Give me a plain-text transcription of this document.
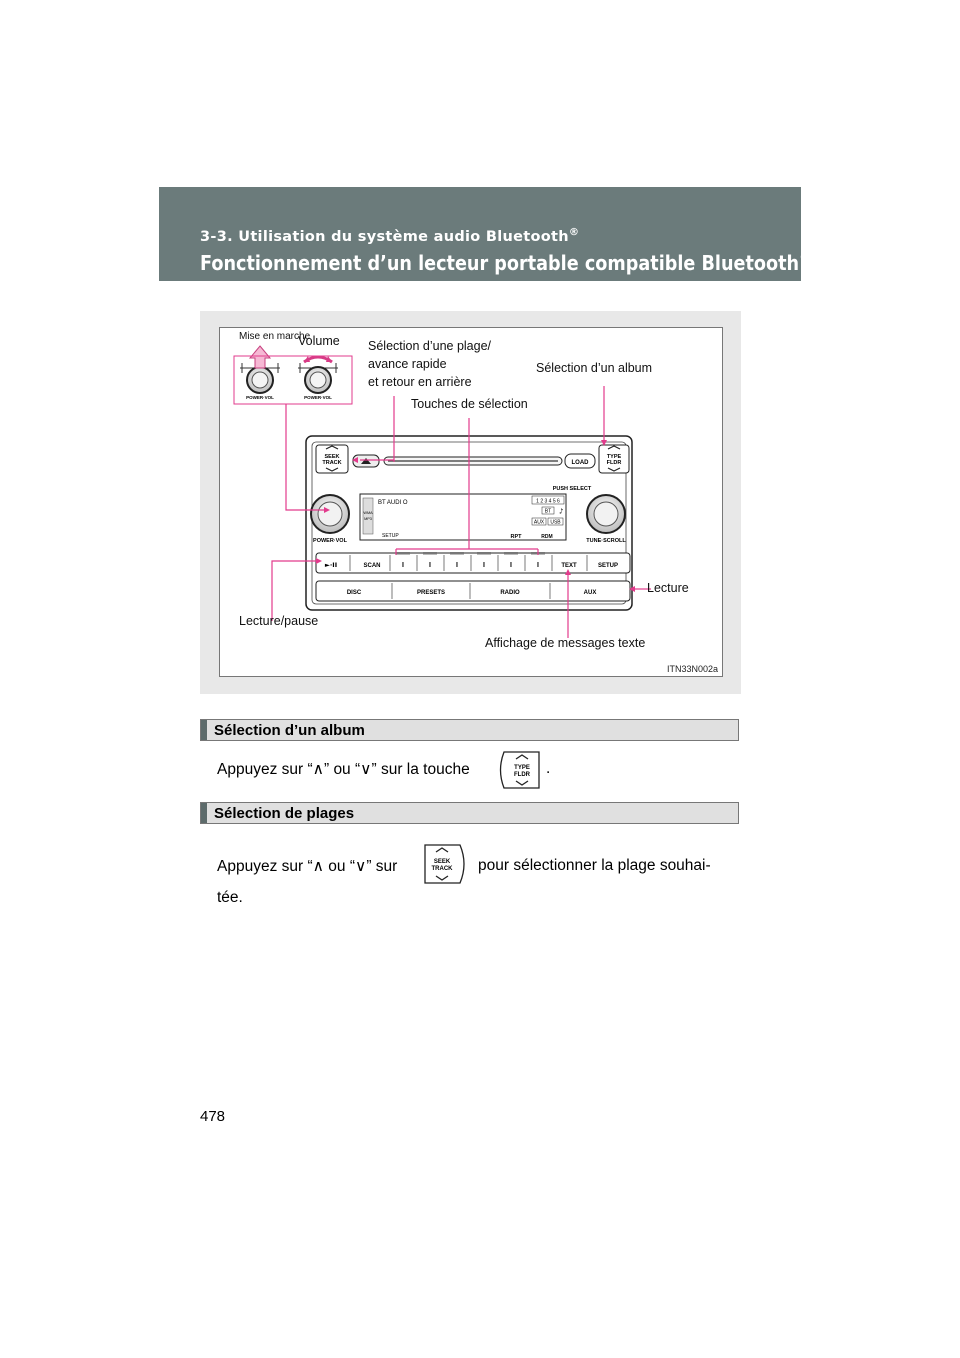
3-3. Utilisation du système audio Bluetooth®
Fonctionnement d’un lecteur portable compatible Bluetooth®
POWER·VOL	POWER·VOL
SEEK
TRACK	LOAD
TYPE
FLDR
POWER·VOL	TUNE·SCROLL
PUSH SELECT
WMA
MP3
BT AUDI O
SETUP
1 2 3 4 5 6
BT ♪
AUX USB
RPT	RDM
►·II	SCAN	I	I	I	I	I	I	TEXT	SETUP
DISC	PRESETS	RADIO	AUX
Mise en marche
Volume Sélection d’une plage/
avance rapide
et retour en arrière
Touches de sélection
Sélection d’un album
Lecture
Lecture/pause
Affichage de messages texte
ITN33N002a
Sélection d’un album
Appuyez sur “∧” ou “∨” sur la touche	TYPE
FLDR .
Sélection de plages
Appuyez sur “∧ ou “∨” sur	SEEK
TRACK pour sélectionner la plage souhai-
tée.
478
